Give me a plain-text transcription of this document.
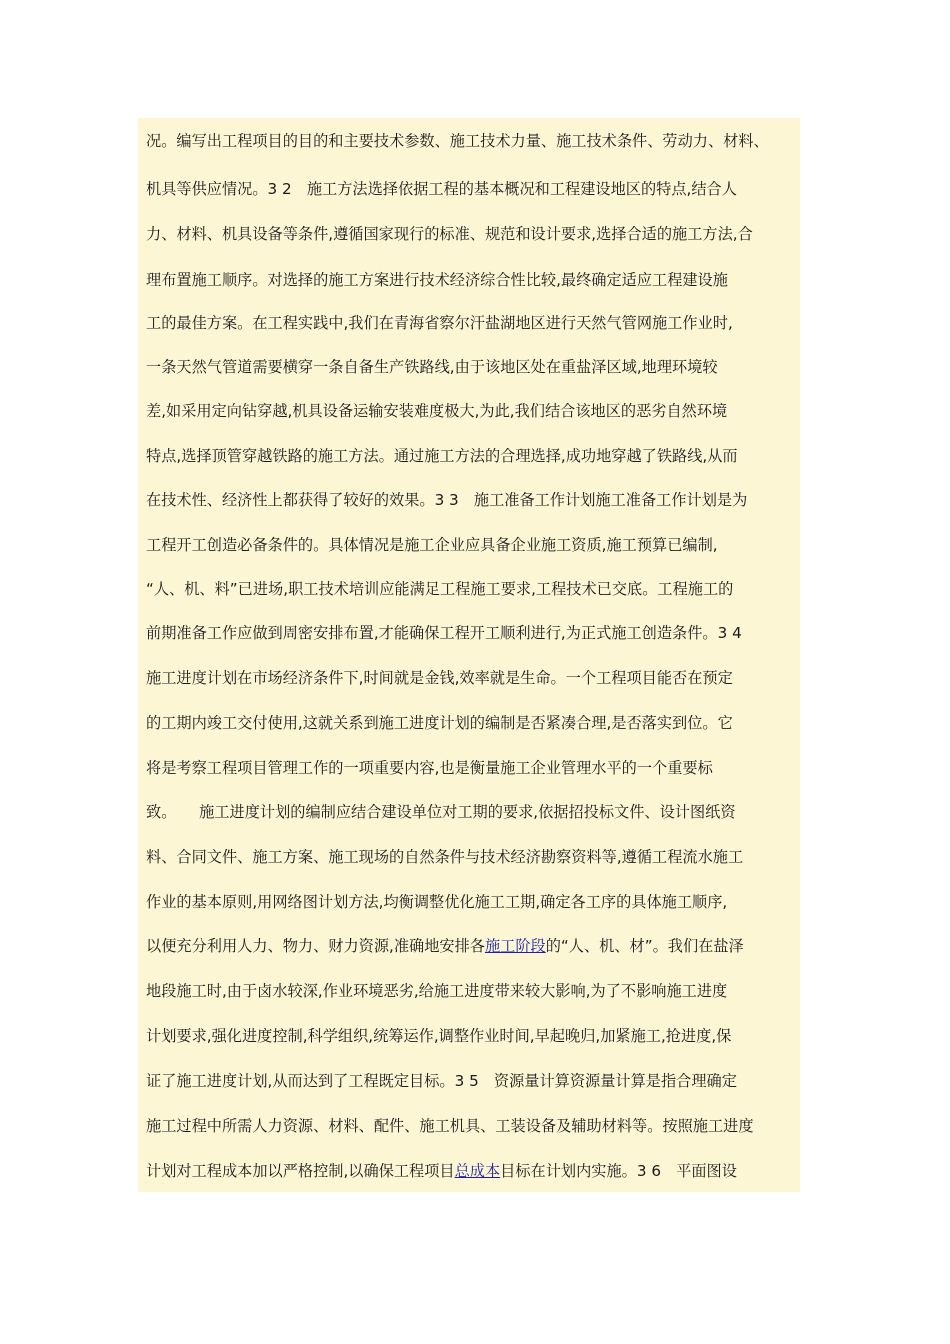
况。编写出工程项目的目的和主要技术参数、施工技术力量、施工技术条件、劳动力、材料、
机具等供应情况。3 2　施工方法选择依据工程的基本概况和工程建设地区的特点,结合人
力、材料、机具设备等条件,遵循国家现行的标准、规范和设计要求,选择合适的施工方法,合
理布置施工顺序。对选择的施工方案进行技术经济综合性比较,最终确定适应工程建设施
工的最佳方案。在工程实践中,我们在青海省察尔汗盐湖地区进行天然气管网施工作业时,
一条天然气管道需要横穿一条自备生产铁路线,由于该地区处在重盐泽区域,地理环境较
差,如采用定向钻穿越,机具设备运输安装难度极大,为此,我们结合该地区的恶劣自然环境
特点,选择顶管穿越铁路的施工方法。通过施工方法的合理选择,成功地穿越了铁路线,从而
在技术性、经济性上都获得了较好的效果。3 3　施工准备工作计划施工准备工作计划是为
工程开工创造必备条件的。具体情况是施工企业应具备企业施工资质,施工预算已编制,
“人、机、料”已进场,职工技术培训应能满足工程施工要求,工程技术已交底。工程施工的
前期准备工作应做到周密安排布置,才能确保工程开工顺利进行,为正式施工创造条件。3 4
施工进度计划在市场经济条件下,时间就是金钱,效率就是生命。一个工程项目能否在预定
的工期内竣工交付使用,这就关系到施工进度计划的编制是否紧凑合理,是否落实到位。它
将是考察工程项目管理工作的一项重要内容,也是衡量施工企业管理水平的一个重要标
致。　　施工进度计划的编制应结合建设单位对工期的要求,依据招投标文件、设计图纸资
料、合同文件、施工方案、施工现场的自然条件与技术经济勘察资料等,遵循工程流水施工
作业的基本原则,用网络图计划方法,均衡调整优化施工工期,确定各工序的具体施工顺序,
以便充分利用人力、物力、财力资源,准确地安排各施工阶段的“人、机、材”。我们在盐泽
地段施工时,由于卤水较深,作业环境恶劣,给施工进度带来较大影响,为了不影响施工进度
计划要求,强化进度控制,科学组织,统筹运作,调整作业时间,早起晚归,加紧施工,抢进度,保
证了施工进度计划,从而达到了工程既定目标。3 5　资源量计算资源量计算是指合理确定
施工过程中所需人力资源、材料、配件、施工机具、工装设备及辅助材料等。按照施工进度
计划对工程成本加以严格控制,以确保工程项目总成本目标在计划内实施。3 6　平面图设
